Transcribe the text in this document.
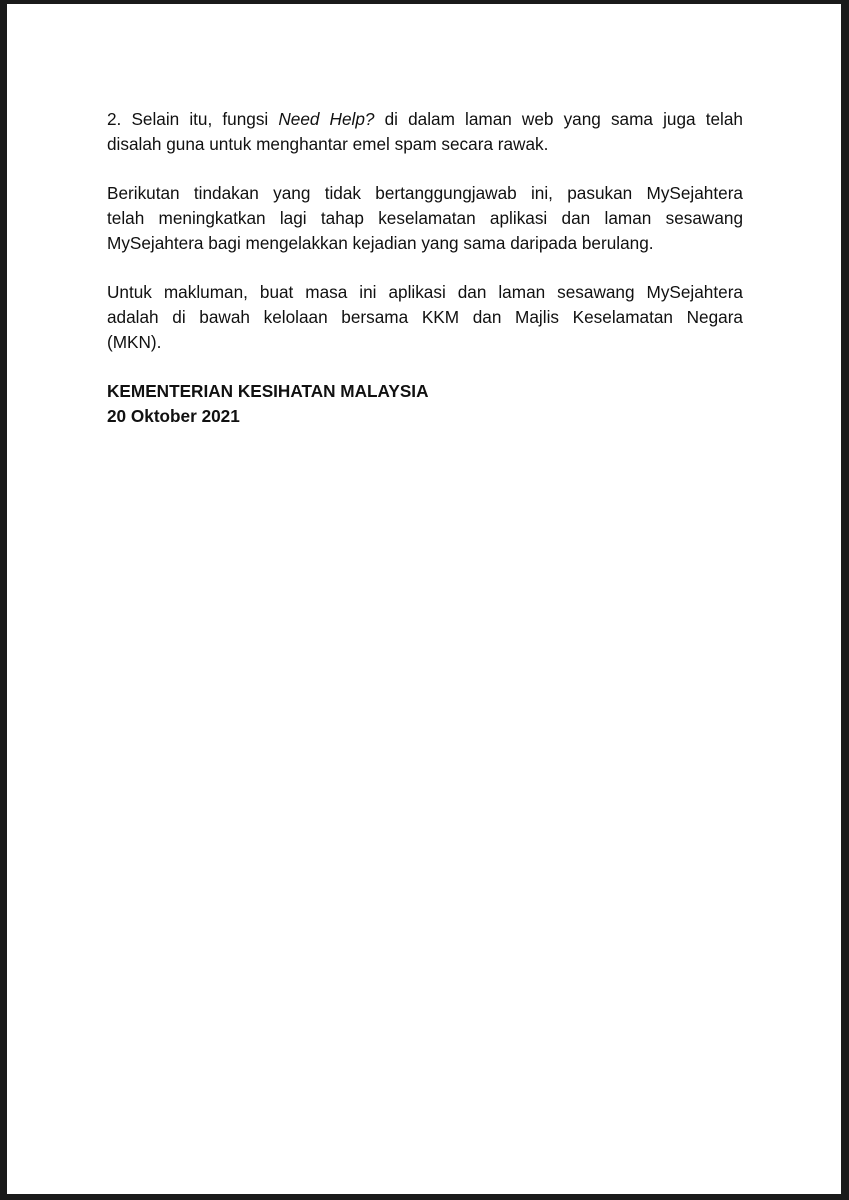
2. Selain itu, fungsi Need Help? di dalam laman web yang sama juga telah
disalah guna untuk menghantar emel spam secara rawak.

Berikutan tindakan yang tidak bertanggungjawab ini, pasukan MySejahtera
telah meningkatkan lagi tahap keselamatan aplikasi dan laman sesawang
MySejahtera bagi mengelakkan kejadian yang sama daripada berulang.

Untuk makluman, buat masa ini aplikasi dan laman sesawang MySejahtera
adalah di bawah kelolaan bersama KKM dan Majlis Keselamatan Negara
(MKN).

KEMENTERIAN KESIHATAN MALAYSIA

20 Oktober 2021
